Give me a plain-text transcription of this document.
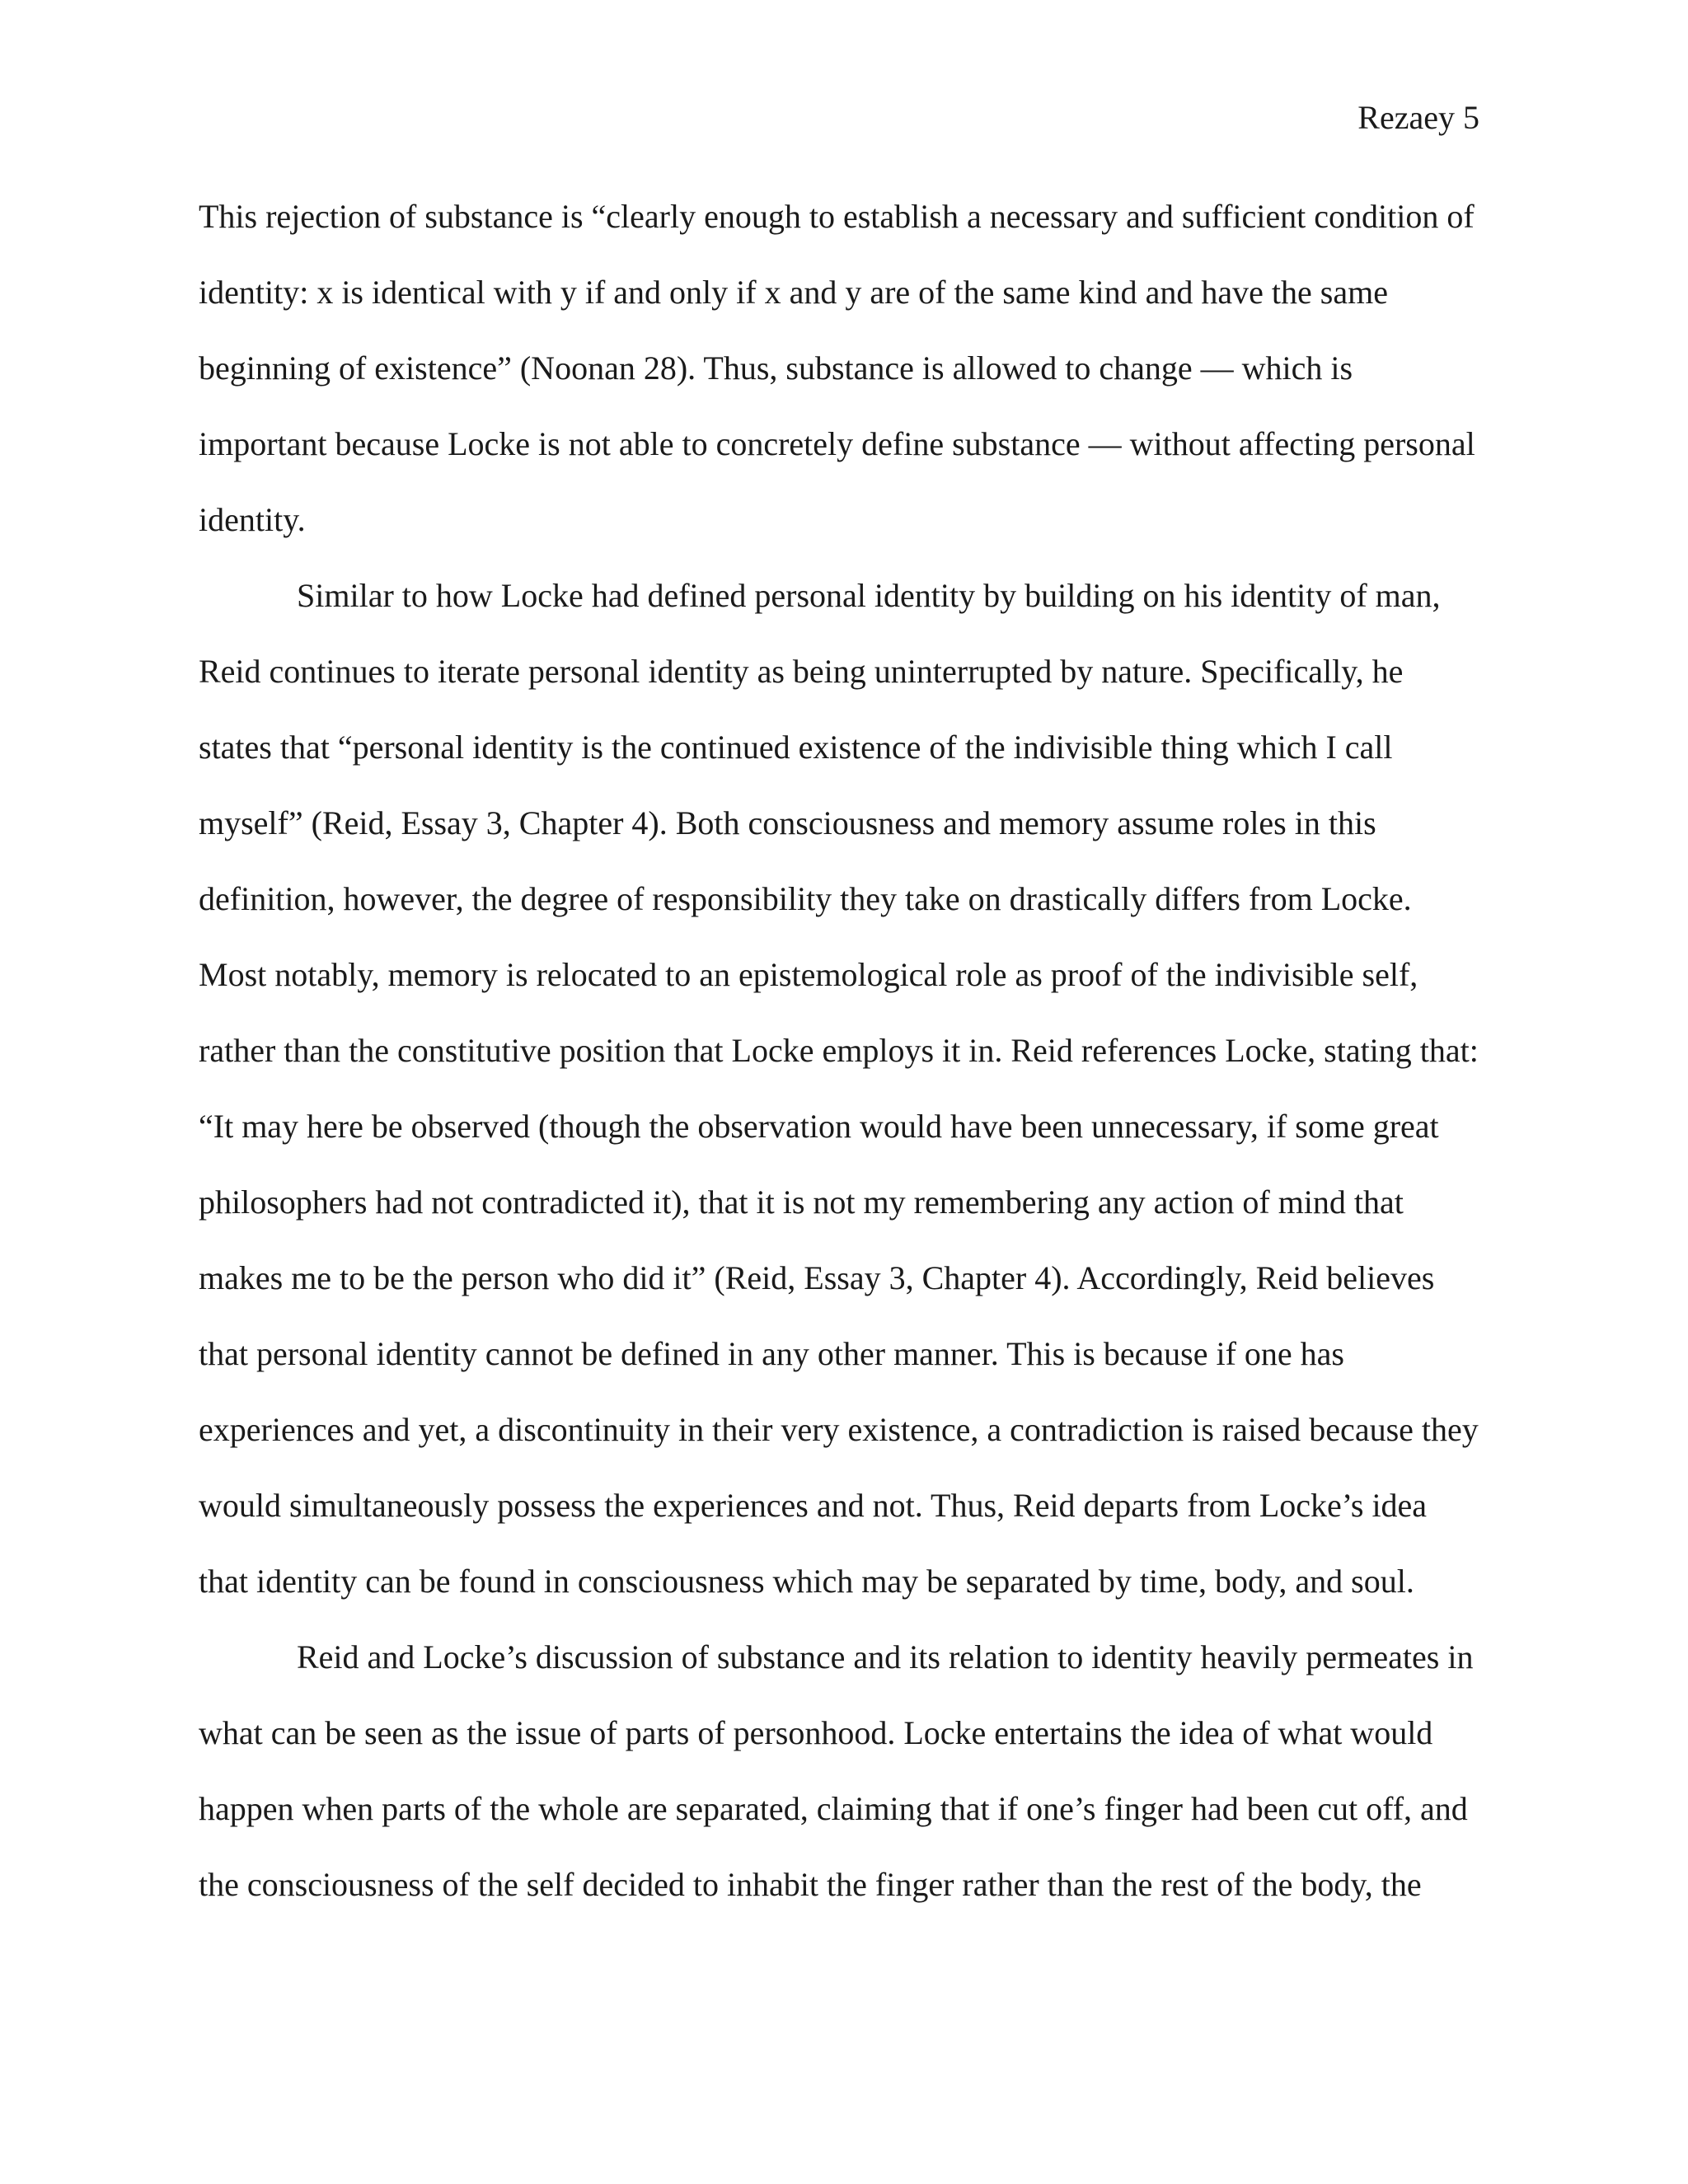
Rezaey 5
This rejection of substance is “clearly enough to establish a necessary and sufficient condition of
identity: x is identical with y if and only if x and y are of the same kind and have the same
beginning of existence” (Noonan 28). Thus, substance is allowed to change — which is
important because Locke is not able to concretely define substance — without affecting personal
identity.
Similar to how Locke had defined personal identity by building on his identity of man,
Reid continues to iterate personal identity as being uninterrupted by nature. Specifically, he
states that “personal identity is the continued existence of the indivisible thing which I call
myself” (Reid, Essay 3, Chapter 4). Both consciousness and memory assume roles in this
definition, however, the degree of responsibility they take on drastically differs from Locke.
Most notably, memory is relocated to an epistemological role as proof of the indivisible self,
rather than the constitutive position that Locke employs it in. Reid references Locke, stating that:
“It may here be observed (though the observation would have been unnecessary, if some great
philosophers had not contradicted it), that it is not my remembering any action of mind that
makes me to be the person who did it” (Reid, Essay 3, Chapter 4). Accordingly, Reid believes
that personal identity cannot be defined in any other manner. This is because if one has
experiences and yet, a discontinuity in their very existence, a contradiction is raised because they
would simultaneously possess the experiences and not. Thus, Reid departs from Locke’s idea
that identity can be found in consciousness which may be separated by time, body, and soul.
Reid and Locke’s discussion of substance and its relation to identity heavily permeates in
what can be seen as the issue of parts of personhood. Locke entertains the idea of what would
happen when parts of the whole are separated, claiming that if one’s finger had been cut off, and
the consciousness of the self decided to inhabit the finger rather than the rest of the body, the
